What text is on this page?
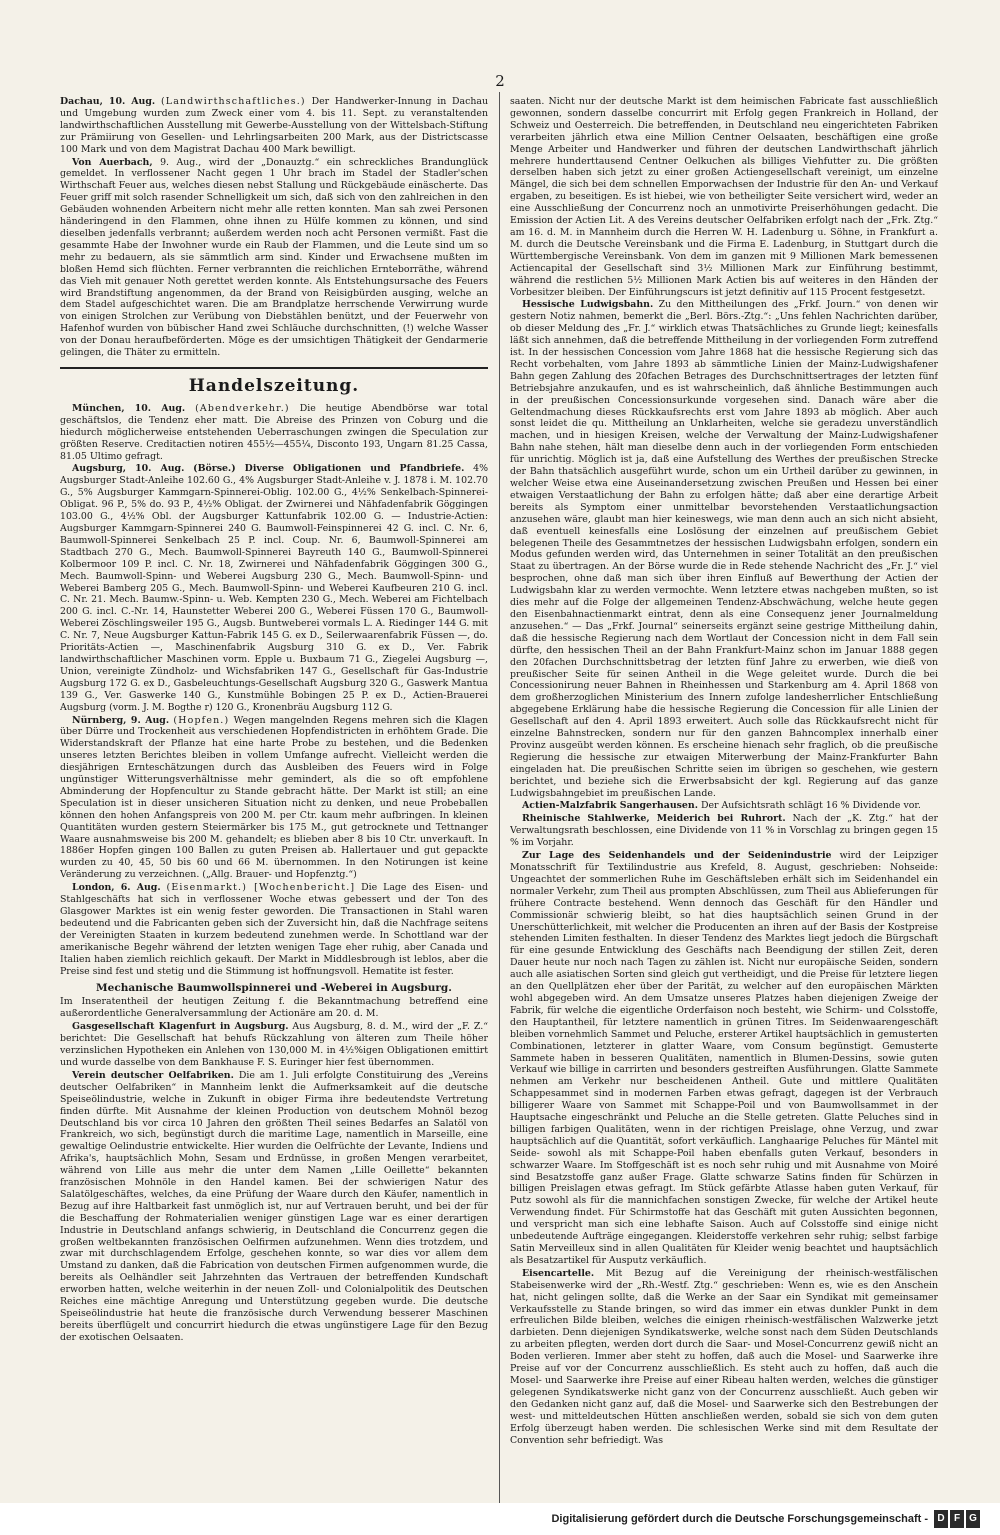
2

Dachau, 10. Aug. (Landwirthschaftliches.) Der Handwerker-Innung in Dachau und Umgebung wurden zum Zweck einer vom 4. bis 11. Sept. zu veranstaltenden landwirthschaftlichen Ausstellung mit Gewerbe-Ausstellung von der Wittelsbach-Stiftung zur Prämiirung von Gesellen- und Lehrlingsarbeiten 200 Mark, aus der Districtscasse 100 Mark und von dem Magistrat Dachau 400 Mark bewilligt.

Von Auerbach, 9. Aug., wird der „Donauztg.“ ein schreckliches Brandunglück gemeldet. In verflossener Nacht gegen 1 Uhr brach im Stadel der Stadler'schen Wirthschaft Feuer aus, welches diesen nebst Stallung und Rückgebäude einäscherte. Das Feuer griff mit solch rasender Schnelligkeit um sich, daß sich von den zahlreichen in den Gebäuden wohnenden Arbeitern nicht mehr alle retten konnten. Man sah zwei Personen händeringend in den Flammen, ohne ihnen zu Hülfe kommen zu können, und sind dieselben jedenfalls verbrannt; außerdem werden noch acht Personen vermißt. Fast die gesammte Habe der Inwohner wurde ein Raub der Flammen, und die Leute sind um so mehr zu bedauern, als sie sämmtlich arm sind. Kinder und Erwachsene mußten im bloßen Hemd sich flüchten. Ferner verbrannten die reichlichen Ernteborräthe, während das Vieh mit genauer Noth gerettet werden konnte. Als Entstehungsursache des Feuers wird Brandstiftung angenommen, da der Brand von Reisigbürden ausging, welche an dem Stadel aufgeschichtet waren. Die am Brandplatze herrschende Verwirrung wurde von einigen Strolchen zur Verübung von Diebstählen benützt, und der Feuerwehr von Hafenhof wurden von bübischer Hand zwei Schläuche durchschnitten, (!) welche Wasser von der Donau heraufbeförderten. Möge es der umsichtigen Thätigkeit der Gendarmerie gelingen, die Thäter zu ermitteln.

Handelszeitung.

München, 10. Aug. (Abendverkehr.) Die heutige Abendbörse war total geschäftslos, die Tendenz eher matt. Die Abreise des Prinzen von Coburg und die hiedurch möglicherweise entstehenden Ueberraschungen zwingen die Speculation zur größten Reserve. Creditactien notiren 455½—455¼, Disconto 193, Ungarn 81.25 Cassa, 81.05 Ultimo gefragt.

Augsburg, 10. Aug. (Börse.) Diverse Obligationen und Pfandbriefe. 4% Augsburger Stadt-Anleihe 102.60 G., 4% Augsburger Stadt-Anleihe v. J. 1878 i. M. 102.70 G., 5% Augsburger Kammgarn-Spinnerei-Oblig. 102.00 G., 4½% Senkelbach-Spinnerei-Obligat. 96 P., 5% do. 93 P., 4½% Obligat. der Zwirnerei und Nähfadenfabrik Göggingen 103.00 G., 4½% Obl. der Augsburger Kattunfabrik 102.00 G. — Industrie-Actien: Augsburger Kammgarn-Spinnerei 240 G. Baumwoll-Feinspinnerei 42 G. incl. C. Nr. 6, Baumwoll-Spinnerei Senkelbach 25 P. incl. Coup. Nr. 6, Baumwoll-Spinnerei am Stadtbach 270 G., Mech. Baumwoll-Spinnerei Bayreuth 140 G., Baumwoll-Spinnerei Kolbermoor 109 P. incl. C. Nr. 18, Zwirnerei und Nähfadenfabrik Göggingen 300 G., Mech. Baumwoll-Spinn- und Weberei Augsburg 230 G., Mech. Baumwoll-Spinn- und Weberei Bamberg 205 G., Mech. Baumwoll-Spinn- und Weberei Kaufbeuren 210 G. incl. C. Nr. 21. Mech. Baumw.-Spinn- u. Web. Kempten 230 G., Mech. Weberei am Fichtelbach 200 G. incl. C.-Nr. 14, Haunstetter Weberei 200 G., Weberei Füssen 170 G., Baumwoll-Weberei Zöschlingsweiler 195 G., Augsb. Buntweberei vormals L. A. Riedinger 144 G. mit C. Nr. 7, Neue Augsburger Kattun-Fabrik 145 G. ex D., Seilerwaarenfabrik Füssen —, do. Prioritäts-Actien —, Maschinenfabrik Augsburg 310 G. ex D., Ver. Fabrik landwirthschaftlicher Maschinen vorm. Epple u. Buxbaum 71 G., Ziegelei Augsburg —, Union, vereinigte Zündholz- und Wichsfabriken 147 G., Gesellschaft für Gas-Industrie Augsburg 172 G. ex D., Gasbeleuchtungs-Gesellschaft Augsburg 320 G., Gaswerk Mantua 139 G., Ver. Gaswerke 140 G., Kunstmühle Bobingen 25 P. ex D., Actien-Brauerei Augsburg (vorm. J. M. Bogthe r) 120 G., Kronenbräu Augsburg 112 G.

Nürnberg, 9. Aug. (Hopfen.) Wegen mangelnden Regens mehren sich die Klagen über Dürre und Trockenheit aus verschiedenen Hopfendistricten in erhöhtem Grade. Die Widerstandskraft der Pflanze hat eine harte Probe zu bestehen, und die Bedenken unseres letzten Berichtes bleiben in vollem Umfange aufrecht. Vielleicht werden die diesjährigen Ernteschätzungen durch das Ausbleiben des Feuers wird in Folge ungünstiger Witterungsverhältnisse mehr gemindert, als die so oft empfohlene Abminderung der Hopfencultur zu Stande gebracht hätte. Der Markt ist still; an eine Speculation ist in dieser unsicheren Situation nicht zu denken, und neue Probeballen können den hohen Anfangspreis von 200 M. per Ctr. kaum mehr aufbringen. In kleinen Quantitäten wurden gestern Steiermärker bis 175 M., gut getrocknete und Tettnanger Waare ausnahmsweise bis 200 M. gehandelt; es blieben aber 8 bis 10 Ctr. unverkauft. In 1886er Hopfen gingen 100 Ballen zu guten Preisen ab. Hallertauer und gut gepackte wurden zu 40, 45, 50 bis 60 und 66 M. übernommen. In den Notirungen ist keine Veränderung zu verzeichnen. („Allg. Brauer- und Hopfenztg.“)

London, 6. Aug. (Eisenmarkt.) [Wochenbericht.] Die Lage des Eisen- und Stahlgeschäfts hat sich in verflossener Woche etwas gebessert und der Ton des Glasgower Marktes ist ein wenig fester geworden. Die Transactionen in Stahl waren bedeutend und die Fabricanten geben sich der Zuversicht hin, daß die Nachfrage seitens der Vereinigten Staaten in kurzem bedeutend zunehmen werde. In Schottland war der amerikanische Begehr während der letzten wenigen Tage eher ruhig, aber Canada und Italien haben ziemlich reichlich gekauft. Der Markt in Middlesbrough ist leblos, aber die Preise sind fest und stetig und die Stimmung ist hoffnungsvoll. Hematite ist fester.

Mechanische Baumwollspinnerei und -Weberei in Augsburg.

Im Inseratentheil der heutigen Zeitung f. die Bekanntmachung betreffend eine außerordentliche Generalversammlung der Actionäre am 20. d. M.

Gasgesellschaft Klagenfurt in Augsburg. Aus Augsburg, 8. d. M., wird der „F. Z.“ berichtet: Die Gesellschaft hat behufs Rückzahlung von älteren zum Theile höher verzinslichen Hypotheken ein Anlehen von 130,000 M. in 4½%igen Obligationen emittirt und wurde dasselbe von dem Bankhause F. S. Euringer hier fest übernommen.

Verein deutscher Oelfabriken. Die am 1. Juli erfolgte Constituirung des „Vereins deutscher Oelfabriken“ in Mannheim lenkt die Aufmerksamkeit auf die deutsche Speiseölindustrie, welche in Zukunft in obiger Firma ihre bedeutendste Vertretung finden dürfte. Mit Ausnahme der kleinen Production von deutschem Mohnöl bezog Deutschland bis vor circa 10 Jahren den größten Theil seines Bedarfes an Salatöl von Frankreich, wo sich, begünstigt durch die maritime Lage, namentlich in Marseille, eine gewaltige Oelindustrie entwickelte. Hier wurden die Oelfrüchte der Levante, Indiens und Afrika's, hauptsächlich Mohn, Sesam und Erdnüsse, in großen Mengen verarbeitet, während von Lille aus mehr die unter dem Namen „Lille Oeillette“ bekannten französischen Mohnöle in den Handel kamen. Bei der schwierigen Natur des Salatölgeschäftes, welches, da eine Prüfung der Waare durch den Käufer, namentlich in Bezug auf ihre Haltbarkeit fast unmöglich ist, nur auf Vertrauen beruht, und bei der für die Beschaffung der Rohmaterialien weniger günstigen Lage war es einer derartigen Industrie in Deutschland anfangs schwierig, in Deutschland die Concurrenz gegen die großen weltbekannten französischen Oelfirmen aufzunehmen. Wenn dies trotzdem, und zwar mit durchschlagendem Erfolge, geschehen konnte, so war dies vor allem dem Umstand zu danken, daß die Fabrication von deutschen Firmen aufgenommen wurde, die bereits als Oelhändler seit Jahrzehnten das Vertrauen der betreffenden Kundschaft erworben hatten, welche weiterhin in der neuen Zoll- und Colonialpolitik des Deutschen Reiches eine mächtige Anregung und Unterstützung gegeben wurde. Die deutsche Speiseölindustrie hat heute die französische durch Verwendung besserer Maschinen bereits überflügelt und concurrirt hiedurch die etwas ungünstigere Lage für den Bezug der exotischen Oelsaaten.

saaten. Nicht nur der deutsche Markt ist dem heimischen Fabricate fast ausschließlich gewonnen, sondern dasselbe concurrirt mit Erfolg gegen Frankreich in Holland, der Schweiz und Oesterreich. Die betreffenden, in Deutschland neu eingerichteten Fabriken verarbeiten jährlich etwa eine Million Centner Oelsaaten, beschäftigen eine große Menge Arbeiter und Handwerker und führen der deutschen Landwirthschaft jährlich mehrere hunderttausend Centner Oelkuchen als billiges Viehfutter zu. Die größten derselben haben sich jetzt zu einer großen Actiengesellschaft vereinigt, um einzelne Mängel, die sich bei dem schnellen Emporwachsen der Industrie für den An- und Verkauf ergaben, zu beseitigen. Es ist hiebei, wie von betheiligter Seite versichert wird, weder an eine Ausschließung der Concurrenz noch an unmotivirte Preiserhöhungen gedacht. Die Emission der Actien Lit. A des Vereins deutscher Oelfabriken erfolgt nach der „Frk. Ztg.“ am 16. d. M. in Mannheim durch die Herren W. H. Ladenburg u. Söhne, in Frankfurt a. M. durch die Deutsche Vereinsbank und die Firma E. Ladenburg, in Stuttgart durch die Württembergische Vereinsbank. Von dem im ganzen mit 9 Millionen Mark bemessenen Actiencapital der Gesellschaft sind 3½ Millionen Mark zur Einführung bestimmt, während die restlichen 5½ Millionen Mark Actien bis auf weiteres in den Händen der Vorbesitzer bleiben. Der Einführungscurs ist jetzt definitiv auf 115 Procent festgesetzt.

Hessische Ludwigsbahn. Zu den Mittheilungen des „Frkf. Journ.“ von denen wir gestern Notiz nahmen, bemerkt die „Berl. Börs.-Ztg.“: „Uns fehlen Nachrichten darüber, ob dieser Meldung des „Fr. J.“ wirklich etwas Thatsächliches zu Grunde liegt; keinesfalls läßt sich annehmen, daß die betreffende Mittheilung in der vorliegenden Form zutreffend ist. In der hessischen Concession vom Jahre 1868 hat die hessische Regierung sich das Recht vorbehalten, vom Jahre 1893 ab sämmtliche Linien der Mainz-Ludwigshafener Bahn gegen Zahlung des 20fachen Betrages des Durchschnittsertrages der letzten fünf Betriebsjahre anzukaufen, und es ist wahrscheinlich, daß ähnliche Bestimmungen auch in der preußischen Concessionsurkunde vorgesehen sind. Danach wäre aber die Geltendmachung dieses Rückkaufsrechts erst vom Jahre 1893 ab möglich. Aber auch sonst leidet die qu. Mittheilung an Unklarheiten, welche sie geradezu unverständlich machen, und in hiesigen Kreisen, welche der Verwaltung der Mainz-Ludwigshafener Bahn nahe stehen, hält man dieselbe denn auch in der vorliegenden Form entschieden für unrichtig. Möglich ist ja, daß eine Aufstellung des Werthes der preußischen Strecke der Bahn thatsächlich ausgeführt wurde, schon um ein Urtheil darüber zu gewinnen, in welcher Weise etwa eine Auseinandersetzung zwischen Preußen und Hessen bei einer etwaigen Verstaatlichung der Bahn zu erfolgen hätte; daß aber eine derartige Arbeit bereits als Symptom einer unmittelbar bevorstehenden Verstaatlichungsaction anzusehen wäre, glaubt man hier keineswegs, wie man denn auch an sich nicht absieht, daß eventuell keinesfalls eine Loslösung der einzelnen auf preußischem Gebiet belegenen Theile des Gesammtnetzes der hessischen Ludwigsbahn erfolgen, sondern ein Modus gefunden werden wird, das Unternehmen in seiner Totalität an den preußischen Staat zu übertragen. An der Börse wurde die in Rede stehende Nachricht des „Fr. J.“ viel besprochen, ohne daß man sich über ihren Einfluß auf Bewerthung der Actien der Ludwigsbahn klar zu werden vermochte. Wenn letztere etwas nachgeben mußten, so ist dies mehr auf die Folge der allgemeinen Tendenz-Abschwächung, welche heute gegen den Eisenbahnactienmarkt eintrat, denn als eine Consequenz jener Journalmeldung anzusehen.“ — Das „Frkf. Journal“ seinerseits ergänzt seine gestrige Mittheilung dahin, daß die hessische Regierung nach dem Wortlaut der Concession nicht in dem Fall sein dürfte, den hessischen Theil an der Bahn Frankfurt-Mainz schon im Januar 1888 gegen den 20fachen Durchschnittsbetrag der letzten fünf Jahre zu erwerben, wie dieß von preußischer Seite für seinen Antheil in die Wege geleitet wurde. Durch die bei Concessionirung neuer Bahnen in Rheinhessen und Starkenburg am 4. April 1868 von dem großherzoglichen Ministerium des Innern zufolge landesherrlicher Entschließung abgegebene Erklärung habe die hessische Regierung die Concession für alle Linien der Gesellschaft auf den 4. April 1893 erweitert. Auch solle das Rückkaufsrecht nicht für einzelne Bahnstrecken, sondern nur für den ganzen Bahncomplex innerhalb einer Provinz ausgeübt werden können. Es erscheine hienach sehr fraglich, ob die preußische Regierung die hessische zur etwaigen Miterwerbung der Mainz-Frankfurter Bahn eingeladen hat. Die preußischen Schritte seien im übrigen so geschehen, wie gestern berichtet, und beziehe sich die Erwerbsabsicht der kgl. Regierung auf das ganze Ludwigsbahngebiet im preußischen Lande.

Actien-Malzfabrik Sangerhausen. Der Aufsichtsrath schlägt 16 % Dividende vor.

Rheinische Stahlwerke, Meiderich bei Ruhrort. Nach der „K. Ztg.“ hat der Verwaltungsrath beschlossen, eine Dividende von 11 % in Vorschlag zu bringen gegen 15 % im Vorjahr.

Zur Lage des Seidenhandels und der Seidenindustrie wird der Leipziger Monatsschrift für Textilindustrie aus Krefeld, 8. August, geschrieben: Nohseide: Ungeachtet der sommerlichen Ruhe im Geschäftsleben erhält sich im Seidenhandel ein normaler Verkehr, zum Theil aus prompten Abschlüssen, zum Theil aus Ablieferungen für frühere Contracte bestehend. Wenn dennoch das Geschäft für den Händler und Commissionär schwierig bleibt, so hat dies hauptsächlich seinen Grund in der Unerschütterlichkeit, mit welcher die Producenten an ihren auf der Basis der Kostpreise stehenden Limiten festhalten. In dieser Tendenz des Marktes liegt jedoch die Bürgschaft für eine gesunde Entwicklung des Geschäfts nach Beendigung der stillen Zeit, deren Dauer heute nur noch nach Tagen zu zählen ist. Nicht nur europäische Seiden, sondern auch alle asiatischen Sorten sind gleich gut vertheidigt, und die Preise für letztere liegen an den Quellplätzen eher über der Parität, zu welcher auf den europäischen Märkten wohl abgegeben wird. An dem Umsatze unseres Platzes haben diejenigen Zweige der Fabrik, für welche die eigentliche Orderfaison noch besteht, wie Schirm- und Colsstoffe, den Hauptantheil, für letztere namentlich in grünen Titres. Im Seidenwaarengeschäft bleiben vornehmlich Sammet und Peluche, ersterer Artikel hauptsächlich in gemusterten Combinationen, letzterer in glatter Waare, vom Consum begünstigt. Gemusterte Sammete haben in besseren Qualitäten, namentlich in Blumen-Dessins, sowie guten Verkauf wie billige in carrirten und besonders gestreiften Ausführungen. Glatte Sammete nehmen am Verkehr nur bescheidenen Antheil. Gute und mittlere Qualitäten Schappesammet sind in modernen Farben etwas gefragt, dagegen ist der Verbrauch billigerer Waare von Sammet mit Schappe-Poil und von Baumwollsammet in der Hauptsache eingeschränkt und Peluche an die Stelle getreten. Glatte Peluches sind in billigen farbigen Qualitäten, wenn in der richtigen Preislage, ohne Verzug, und zwar hauptsächlich auf die Quantität, sofort verkäuflich. Langhaarige Peluches für Mäntel mit Seide- sowohl als mit Schappe-Poil haben ebenfalls guten Verkauf, besonders in schwarzer Waare. Im Stoffgeschäft ist es noch sehr ruhig und mit Ausnahme von Moiré sind Besatzstoffe ganz außer Frage. Glatte schwarze Satins finden für Schürzen in billigen Preislagen etwas gefragt. Im Stück gefärbte Atlasse haben guten Verkauf, für Putz sowohl als für die mannichfachen sonstigen Zwecke, für welche der Artikel heute Verwendung findet. Für Schirmstoffe hat das Geschäft mit guten Aussichten begonnen, und verspricht man sich eine lebhafte Saison. Auch auf Colsstoffe sind einige nicht unbedeutende Aufträge eingegangen. Kleiderstoffe verkehren sehr ruhig; selbst farbige Satin Merveilleux sind in allen Qualitäten für Kleider wenig beachtet und hauptsächlich als Besatzartikel für Ausputz verkäuflich.

Eisencartelle. Mit Bezug auf die Vereinigung der rheinisch-westfälischen Stabeisenwerke wird der „Rh.-Westf. Ztg.“ geschrieben: Wenn es, wie es den Anschein hat, nicht gelingen sollte, daß die Werke an der Saar ein Syndikat mit gemeinsamer Verkaufsstelle zu Stande bringen, so wird das immer ein etwas dunkler Punkt in dem erfreulichen Bilde bleiben, welches die einigen rheinisch-westfälischen Walzwerke jetzt darbieten. Denn diejenigen Syndikatswerke, welche sonst nach dem Süden Deutschlands zu arbeiten pflegten, werden dort durch die Saar- und Mosel-Concurrenz gewiß nicht an Boden verlieren. Immer aber steht zu hoffen, daß auch die Mosel- und Saarwerke ihre Preise auf vor der Concurrenz ausschließlich. Es steht auch zu hoffen, daß auch die Mosel- und Saarwerke ihre Preise auf einer Ribeau halten werden, welches die günstiger gelegenen Syndikatswerke nicht ganz von der Concurrenz ausschließt. Auch geben wir den Gedanken nicht ganz auf, daß die Mosel- und Saarwerke sich den Bestrebungen der west- und mitteldeutschen Hütten anschließen werden, sobald sie sich von dem guten Erfolg überzeugt haben werden. Die schlesischen Werke sind mit dem Resultate der Convention sehr befriedigt. Was

Digitalisierung gefördert durch die Deutsche Forschungsgemeinschaft - D F G
